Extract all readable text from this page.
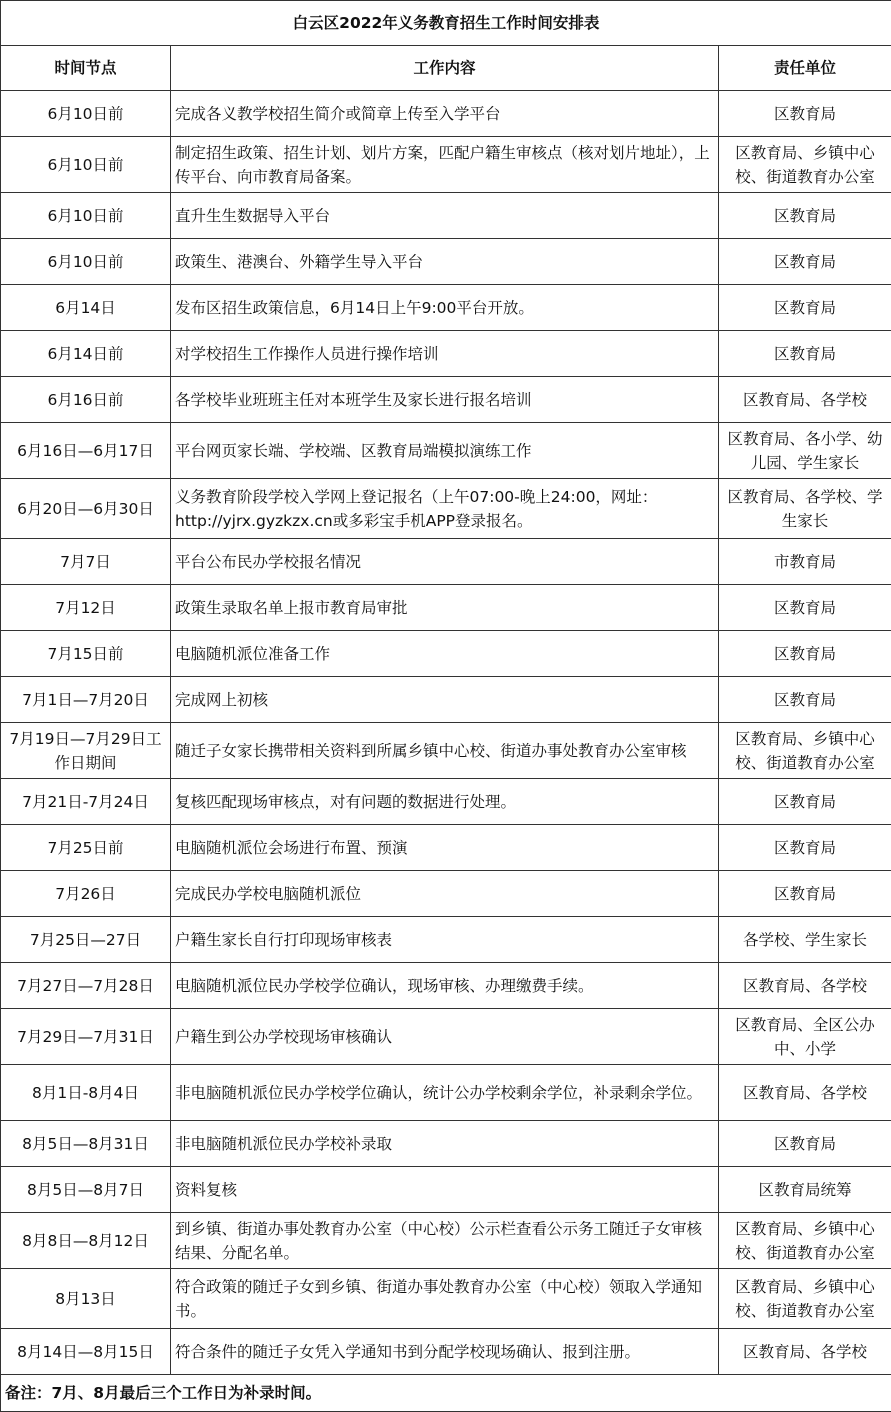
白云区2022年义务教育招生工作时间安排表		
时间节点	工作内容	责任单位
6月10日前	完成各义教学校招生简介或简章上传至入学平台	区教育局
6月10日前	制定招生政策、招生计划、划片方案，匹配户籍生审核点（核对划片地址），上传平台、向市教育局备案。	区教育局、乡镇中心校、街道教育办公室
6月10日前	直升生生数据导入平台	区教育局
6月10日前	政策生、港澳台、外籍学生导入平台	区教育局
6月14日	发布区招生政策信息，6月14日上午9:00平台开放。	区教育局
6月14日前	对学校招生工作操作人员进行操作培训	区教育局
6月16日前	各学校毕业班班主任对本班学生及家长进行报名培训	区教育局、各学校
6月16日—6月17日	平台网页家长端、学校端、区教育局端模拟演练工作	区教育局、各小学、幼儿园、学生家长
6月20日—6月30日	义务教育阶段学校入学网上登记报名（上午07:00-晚上24:00，网址：http://yjrx.gyzkzx.cn或多彩宝手机APP登录报名。	区教育局、各学校、学生家长
7月7日	平台公布民办学校报名情况	市教育局
7月12日	政策生录取名单上报市教育局审批	区教育局
7月15日前	电脑随机派位准备工作	区教育局
7月1日—7月20日	完成网上初核	区教育局
7月19日—7月29日工作日期间	随迁子女家长携带相关资料到所属乡镇中心校、街道办事处教育办公室审核	区教育局、乡镇中心校、街道教育办公室
7月21日-7月24日	复核匹配现场审核点，对有问题的数据进行处理。	区教育局
7月25日前	电脑随机派位会场进行布置、预演	区教育局
7月26日	完成民办学校电脑随机派位	区教育局
7月25日—27日	户籍生家长自行打印现场审核表	各学校、学生家长
7月27日—7月28日	电脑随机派位民办学校学位确认，现场审核、办理缴费手续。	区教育局、各学校
7月29日—7月31日	户籍生到公办学校现场审核确认	区教育局、全区公办中、小学
8月1日-8月4日	非电脑随机派位民办学校学位确认，统计公办学校剩余学位，补录剩余学位。	区教育局、各学校
8月5日—8月31日	非电脑随机派位民办学校补录取	区教育局
8月5日—8月7日	资料复核	区教育局统筹
8月8日—8月12日	到乡镇、街道办事处教育办公室（中心校）公示栏查看公示务工随迁子女审核结果、分配名单。	区教育局、乡镇中心校、街道教育办公室
8月13日	符合政策的随迁子女到乡镇、街道办事处教育办公室（中心校）领取入学通知书。	区教育局、乡镇中心校、街道教育办公室
8月14日—8月15日	符合条件的随迁子女凭入学通知书到分配学校现场确认、报到注册。	区教育局、各学校
备注：7月、8月最后三个工作日为补录时间。		
